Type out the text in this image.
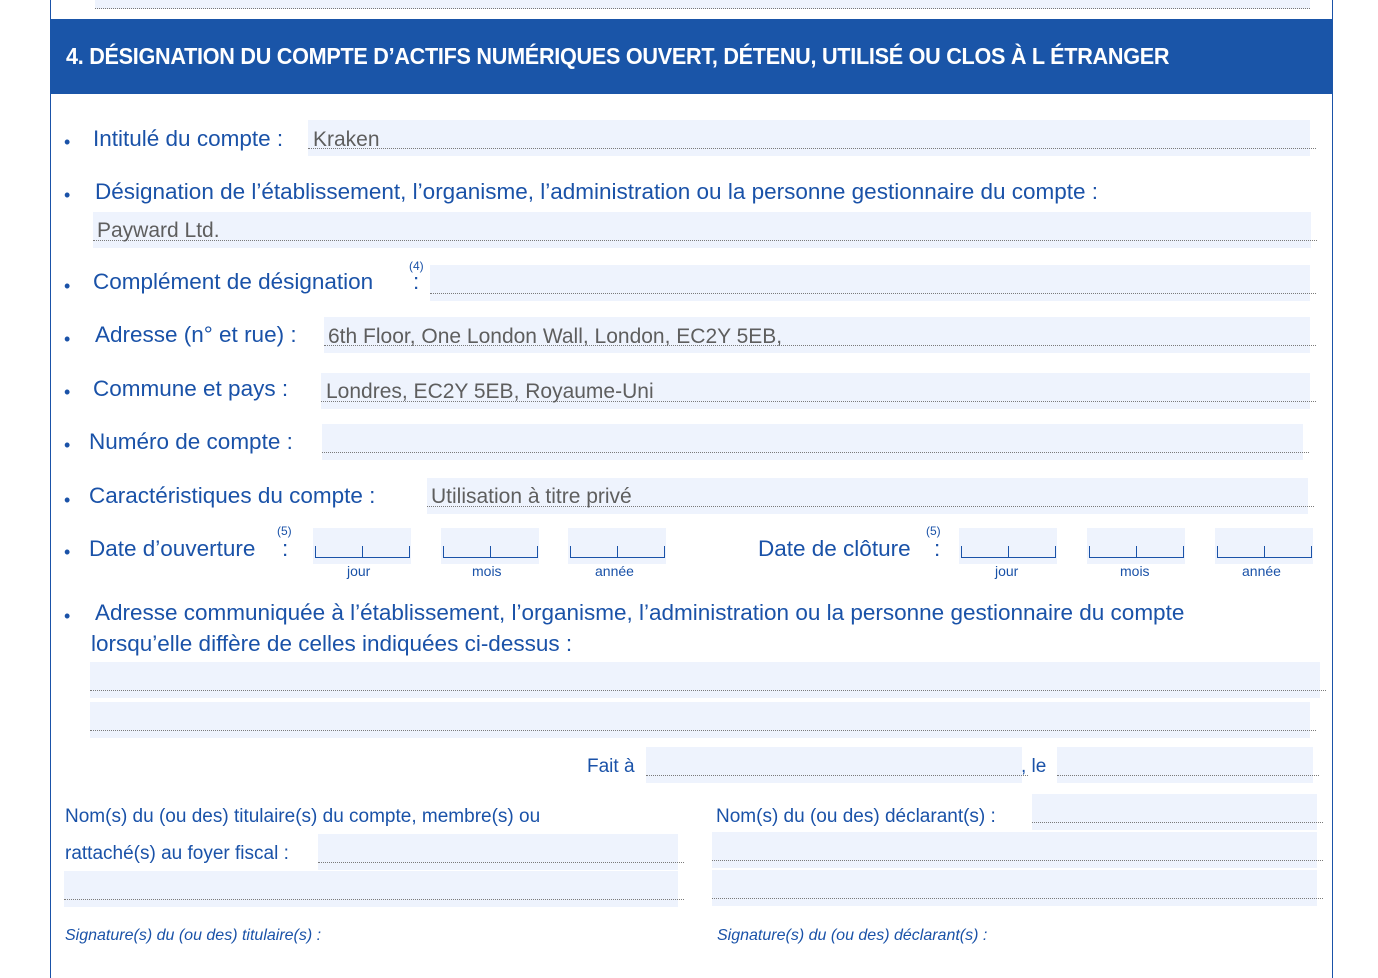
4. DÉSIGNATION DU COMPTE D’ACTIFS NUMÉRIQUES OUVERT, DÉTENU, UTILISÉ OU CLOS À L ÉTRANGER
• Intitulé du compte : Kraken
• Désignation de l’établissement, l’organisme, l’administration ou la personne gestionnaire du compte :
Payward Ltd.
• Complément de désignation
(4)
:
• Adresse (n° et rue) : 6th Floor, One London Wall, London, EC2Y 5EB,
• Commune et pays : Londres, EC2Y 5EB, Royaume-Uni
• Numéro de compte :
• Caractéristiques du compte :	Utilisation à titre privé
• Date d’ouverture
(5)
:
jour	mois	année
Date de clôture
(5)
:
jour	mois	année
• Adresse communiquée à l’établissement, l’organisme, l’administration ou la personne gestionnaire du compte
lorsqu’elle diffère de celles indiquées ci-dessus :
Fait à	, le
Nom(s) du (ou des) titulaire(s) du compte, membre(s) ou
rattaché(s) au foyer fiscal :
Nom(s) du (ou des) déclarant(s) :
Signature(s) du (ou des) titulaire(s) :	Signature(s) du (ou des) déclarant(s) :
